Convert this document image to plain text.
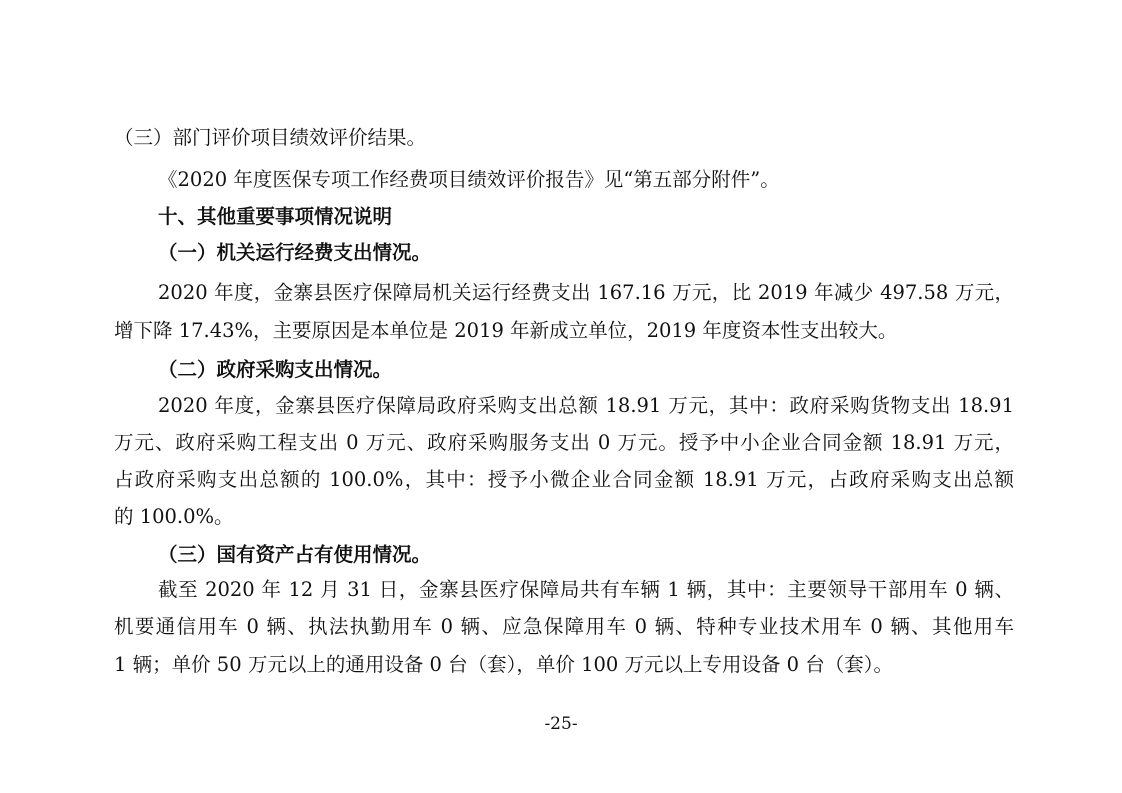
（三）部门评价项目绩效评价结果。
《2020 年度医保专项工作经费项目绩效评价报告》见“第五部分附件”。
十、其他重要事项情况说明
（一）机关运行经费支出情况。
2020 年度，金寨县医疗保障局机关运行经费支出 167.16 万元，比 2019 年减少 497.58 万元，
增下降 17.43%，主要原因是本单位是 2019 年新成立单位，2019 年度资本性支出较大。
（二）政府采购支出情况。
2020 年度，金寨县医疗保障局政府采购支出总额 18.91 万元，其中：政府采购货物支出 18.91
万元、政府采购工程支出 0 万元、政府采购服务支出 0 万元。授予中小企业合同金额 18.91 万元，
占政府采购支出总额的 100.0%，其中：授予小微企业合同金额 18.91 万元，占政府采购支出总额
的 100.0%。
（三）国有资产占有使用情况。
截至 2020 年 12 月 31 日，金寨县医疗保障局共有车辆 1 辆，其中：主要领导干部用车 0 辆、
机要通信用车 0 辆、执法执勤用车 0 辆、应急保障用车 0 辆、特种专业技术用车 0 辆、其他用车
1 辆；单价 50 万元以上的通用设备 0 台（套），单价 100 万元以上专用设备 0 台（套）。
-25-
